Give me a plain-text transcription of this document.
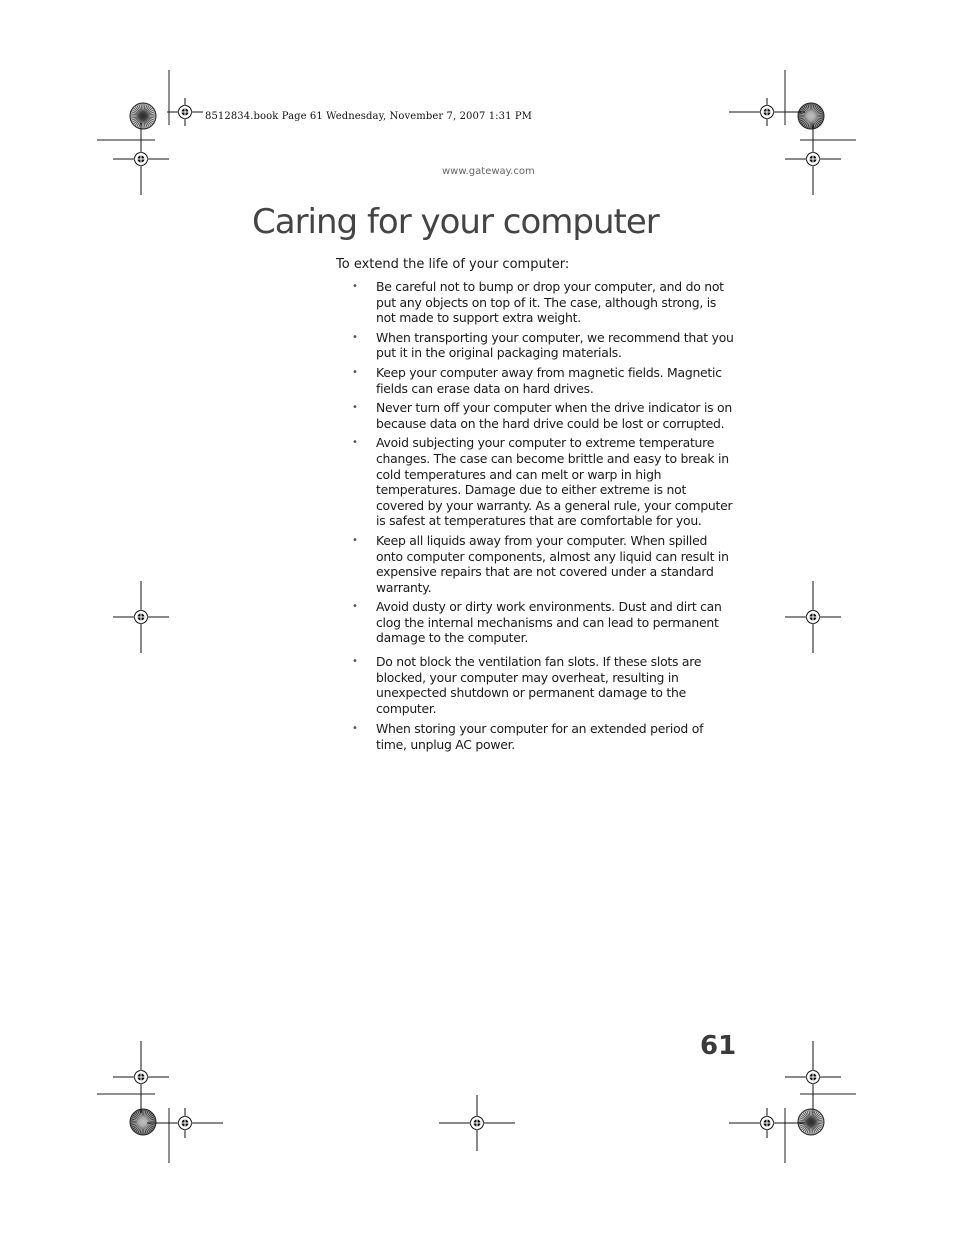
8512834.book Page 61 Wednesday, November 7, 2007 1:31 PM
www.gateway.com
Caring for your computer
To extend the life of your computer:
• Be careful not to bump or drop your computer, and do not put any objects on top of it. The case, although strong, is not made to support extra weight.
• When transporting your computer, we recommend that you put it in the original packaging materials.
• Keep your computer away from magnetic fields. Magnetic fields can erase data on hard drives.
• Never turn off your computer when the drive indicator is on because data on the hard drive could be lost or corrupted.
• Avoid subjecting your computer to extreme temperature changes. The case can become brittle and easy to break in cold temperatures and can melt or warp in high temperatures. Damage due to either extreme is not covered by your warranty. As a general rule, your computer is safest at temperatures that are comfortable for you.
• Keep all liquids away from your computer. When spilled onto computer components, almost any liquid can result in expensive repairs that are not covered under a standard warranty.
• Avoid dusty or dirty work environments. Dust and dirt can clog the internal mechanisms and can lead to permanent damage to the computer.
• Do not block the ventilation fan slots. If these slots are blocked, your computer may overheat, resulting in unexpected shutdown or permanent damage to the computer.
• When storing your computer for an extended period of time, unplug AC power.
61
